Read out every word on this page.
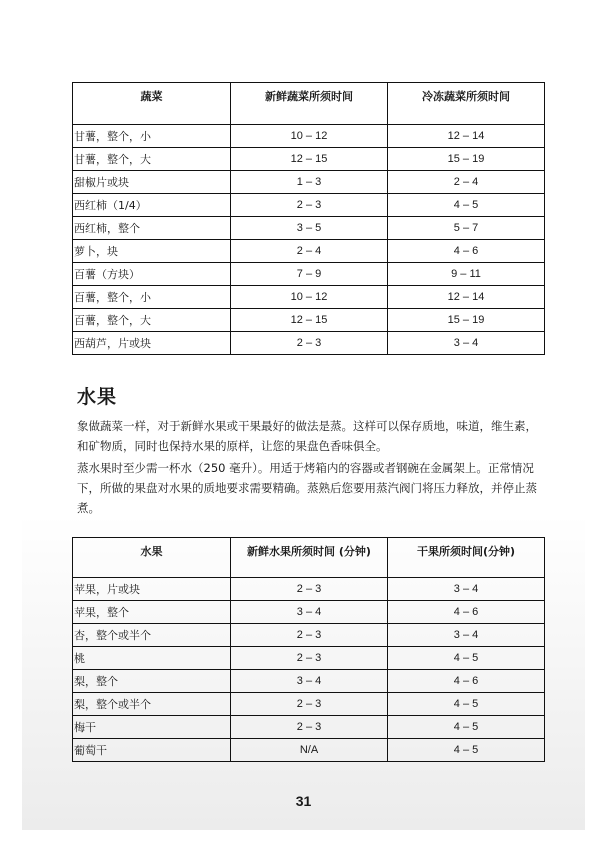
蔬菜	新鲜蔬菜所须时间	冷冻蔬菜所须时间
甘薯，整个，小	10 – 12	12 – 14
甘薯，整个，大	12 – 15	15 – 19
甜椒片或块	1 – 3	2 – 4
西红柿（1/4）	2 – 3	4 – 5
西红柿，整个	3 – 5	5 – 7
萝卜，块	2 – 4	4 – 6
百薯（方块）	7 – 9	9 – 11
百薯，整个，小	10 – 12	12 – 14
百薯，整个，大	12 – 15	15 – 19
西葫芦，片或块	2 – 3	3 – 4
水果

象做蔬菜一样，对于新鲜水果或干果最好的做法是蒸。这样可以保存质地，味道，维生素，和矿物质，同时也保持水果的原样，让您的果盘色香味俱全。

蒸水果时至少需一杯水（250 毫升）。用适于烤箱内的容器或者钢碗在金属架上。正常情况下，所做的果盘对水果的质地要求需要精确。蒸熟后您要用蒸汽阀门将压力释放，并停止蒸煮。

水果	新鲜水果所须时间 (分钟)	干果所须时间(分钟)
苹果，片或块	2 – 3	3 – 4
苹果，整个	3 – 4	4 – 6
杏，整个或半个	2 – 3	3 – 4
桃	2 – 3	4 – 5
梨，整个	3 – 4	4 – 6
梨，整个或半个	2 – 3	4 – 5
梅干	2 – 3	4 – 5
葡萄干	N/A	4 – 5
31
